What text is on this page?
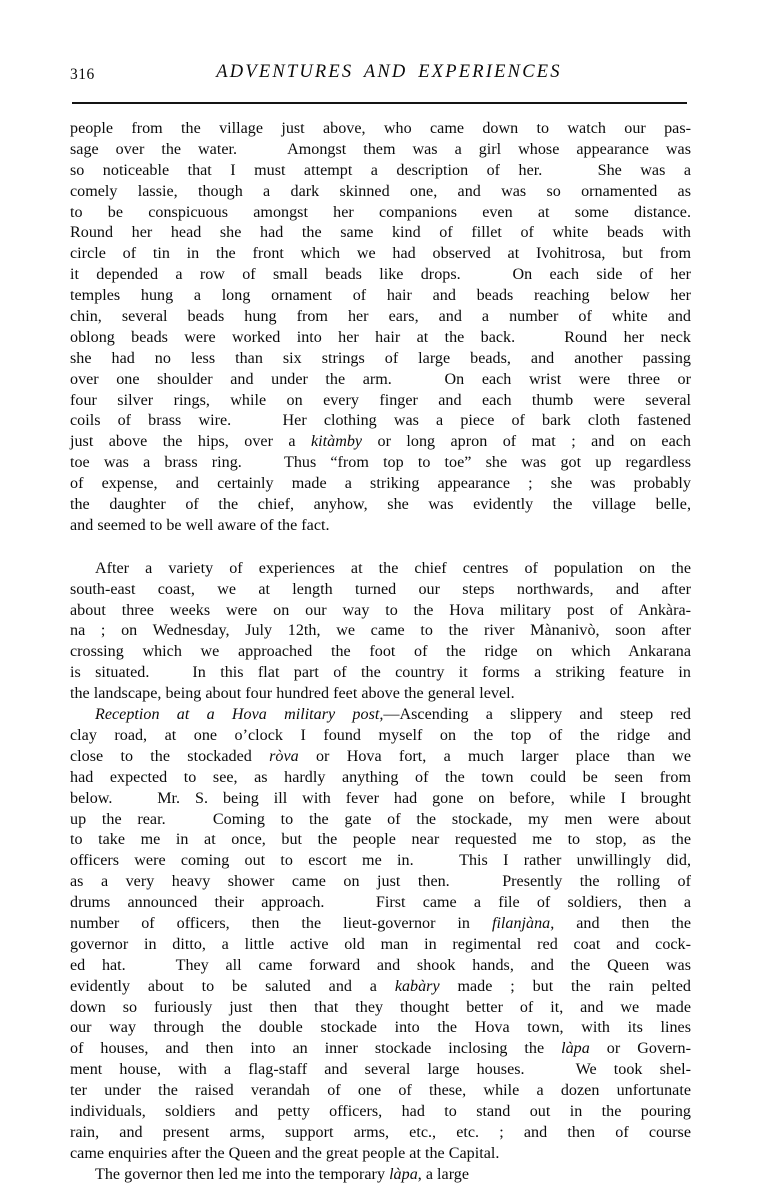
316	ADVENTURES AND EXPERIENCES

people from the village just above, who came down to watch our pas-
sage over the water.   Amongst them was a girl whose appearance was
so noticeable that I must attempt a description of her.   She was a
comely lassie, though a dark skinned one, and was so ornamented as
to be conspicuous amongst her companions even at some distance.
Round her head she had the same kind of fillet of white beads with
circle of tin in the front which we had observed at Ivohitrosa, but from
it depended a row of small beads like drops.   On each side of her
temples hung a long ornament of hair and beads reaching below her
chin, several beads hung from her ears, and a number of white and
oblong beads were worked into her hair at the back.   Round her neck
she had no less than six strings of large beads, and another passing
over one shoulder and under the arm.   On each wrist were three or
four silver rings, while on every finger and each thumb were several
coils of brass wire.   Her clothing was a piece of bark cloth fastened
just above the hips, over a kitàmby or long apron of mat ; and on each
toe was a brass ring.   Thus “from top to toe” she was got up regardless
of expense, and certainly made a striking appearance ; she was probably
the daughter of the chief, anyhow, she was evidently the village belle,
and seemed to be well aware of the fact.

After a variety of experiences at the chief centres of population on the
south-east coast, we at length turned our steps northwards, and after
about three weeks were on our way to the Hova military post of Ankàra-
na ; on Wednesday, July 12th, we came to the river Mànanivò, soon after
crossing which we approached the foot of the ridge on which Ankarana
is situated.   In this flat part of the country it forms a striking feature in
the landscape, being about four hundred feet above the general level.

Reception at a Hova military post,—Ascending a slippery and steep red
clay road, at one o’clock I found myself on the top of the ridge and
close to the stockaded ròva or Hova fort, a much larger place than we
had expected to see, as hardly anything of the town could be seen from
below.   Mr. S. being ill with fever had gone on before, while I brought
up the rear.   Coming to the gate of the stockade, my men were about
to take me in at once, but the people near requested me to stop, as the
officers were coming out to escort me in.   This I rather unwillingly did,
as a very heavy shower came on just then.   Presently the rolling of
drums announced their approach.   First came a file of soldiers, then a
number of officers, then the lieut-governor in filanjàna, and then the
governor in ditto, a little active old man in regimental red coat and cock-
ed hat.   They all came forward and shook hands, and the Queen was
evidently about to be saluted and a kabàry made ; but the rain pelted
down so furiously just then that they thought better of it, and we made
our way through the double stockade into the Hova town, with its lines
of houses, and then into an inner stockade inclosing the làpa or Govern-
ment house, with a flag-staff and several large houses.   We took shel-
ter under the raised verandah of one of these, while a dozen unfortunate
individuals, soldiers and petty officers, had to stand out in the pouring
rain, and present arms, support arms, etc., etc. ; and then of course
came enquiries after the Queen and the great people at the Capital.

The governor then led me into the temporary làpa, a large
